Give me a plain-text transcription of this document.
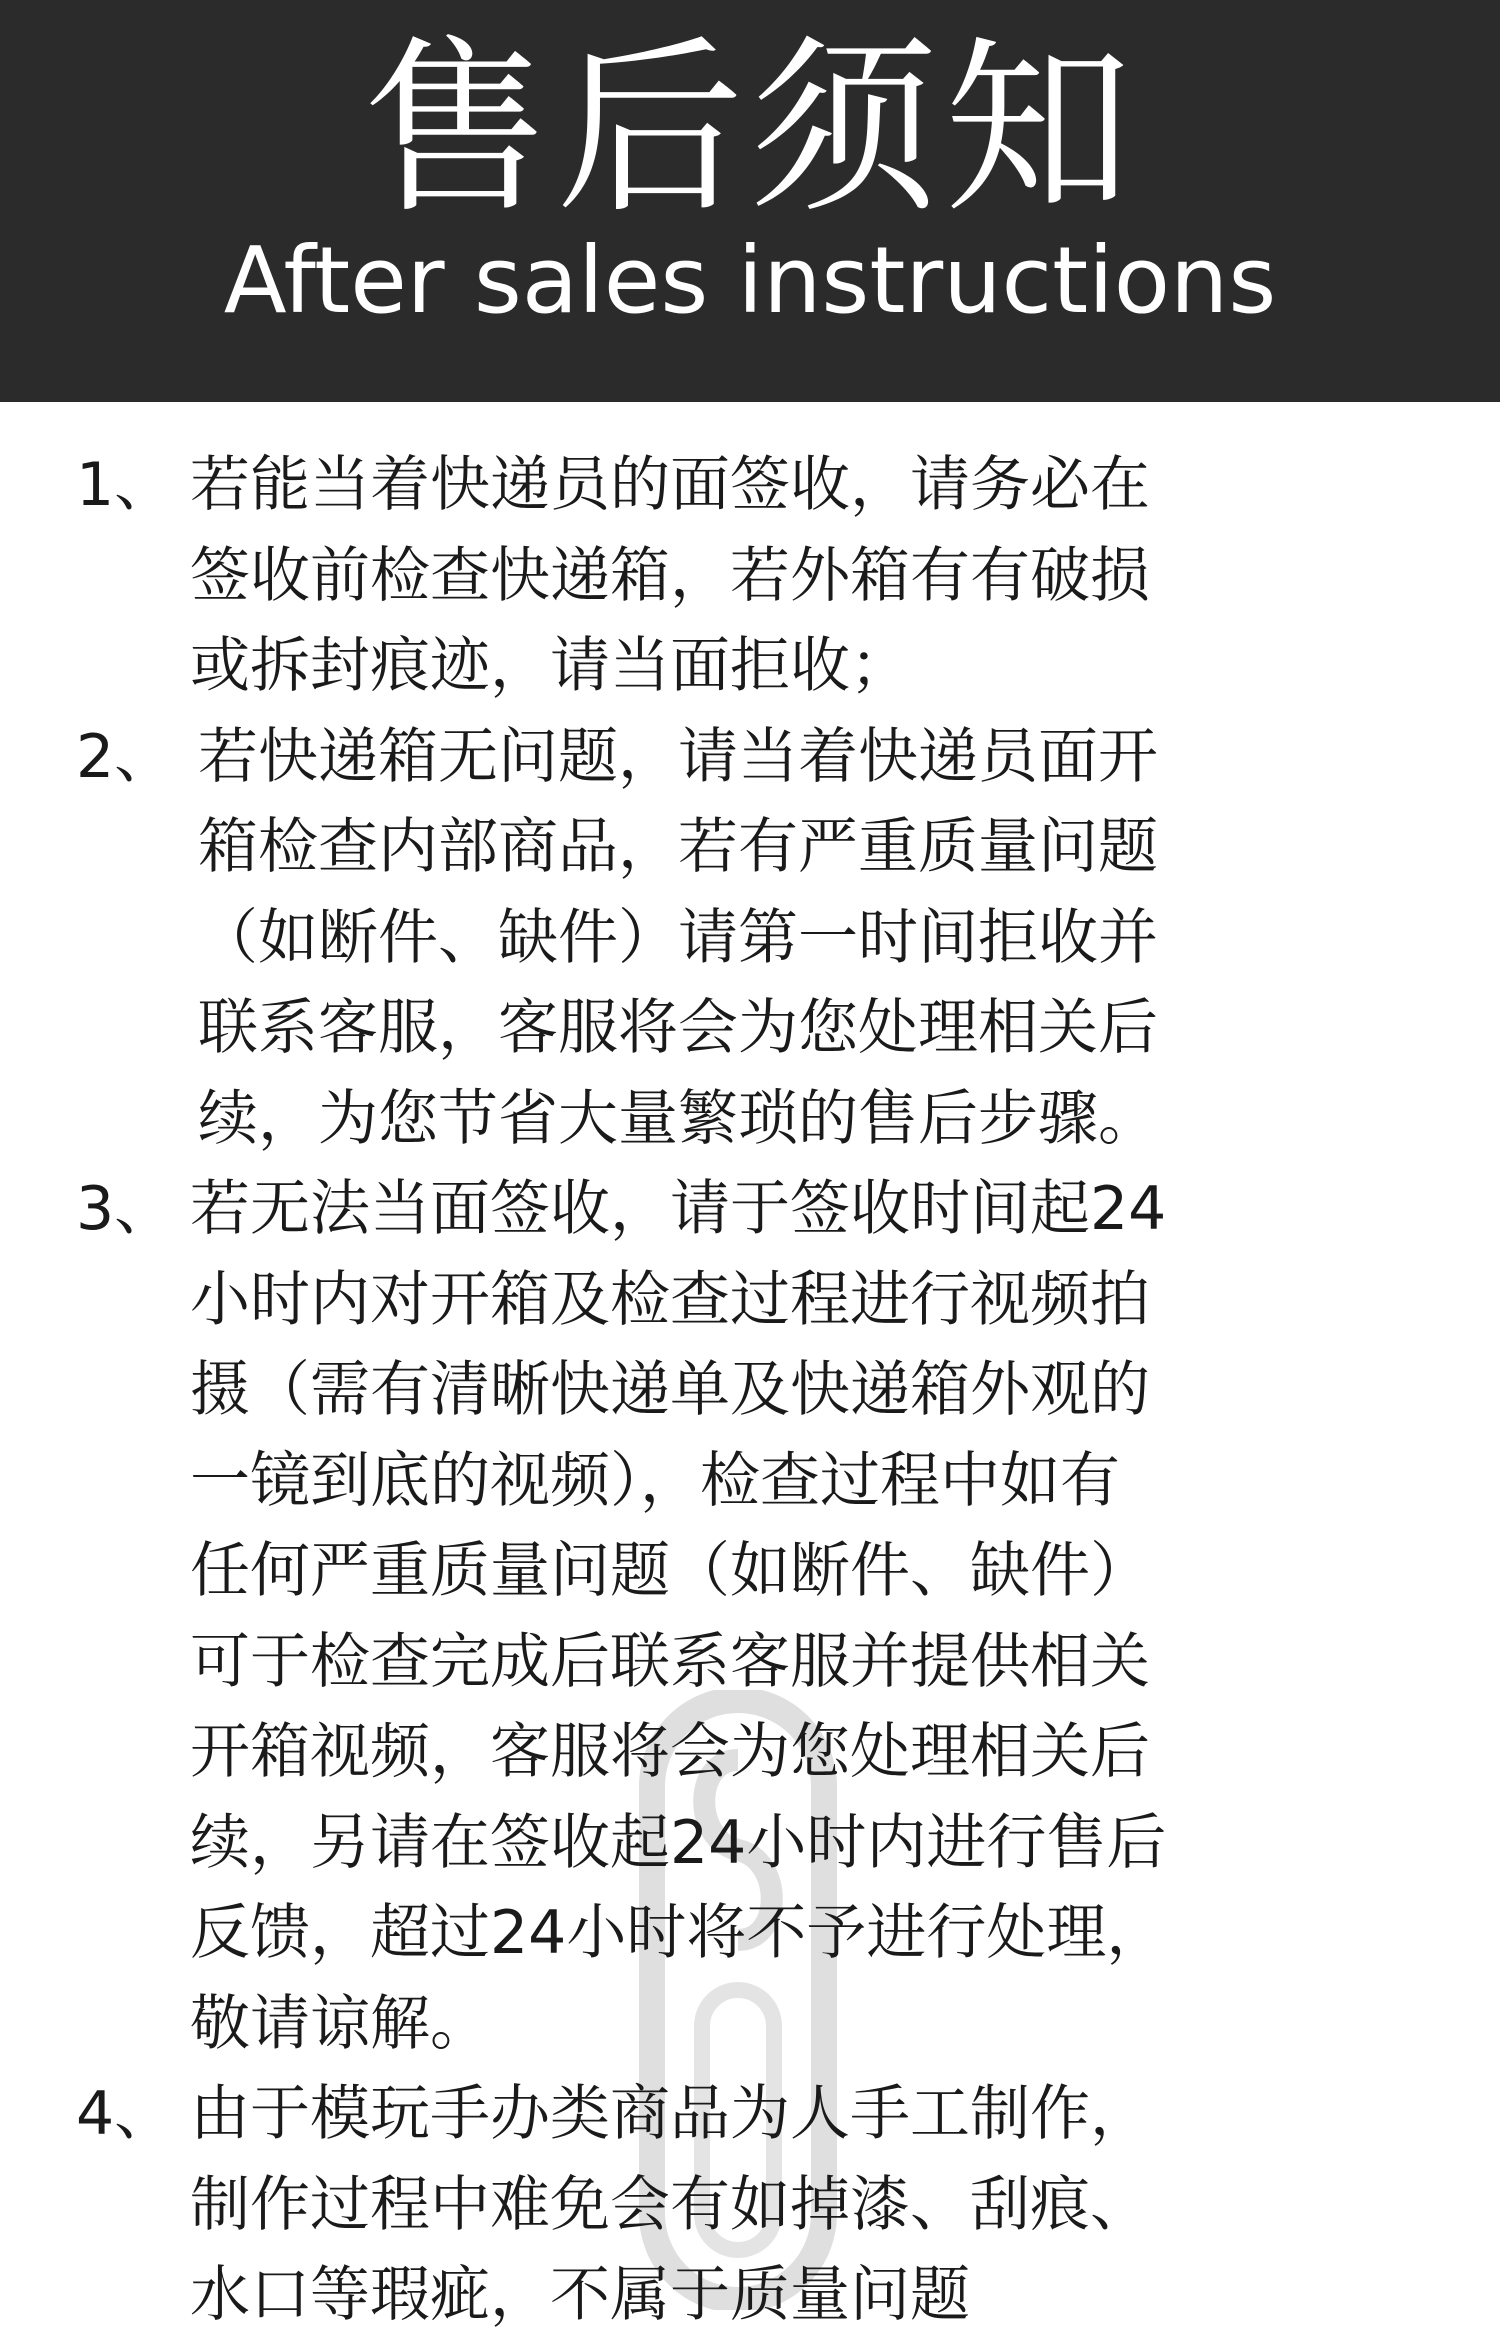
售后须知
After sales instructions
1、 若能当着快递员的面签收，请务必在
签收前检查快递箱，若外箱有有破损
或拆封痕迹，请当面拒收；
2、 若快递箱无问题，请当着快递员面开
箱检查内部商品，若有严重质量问题
（如断件、缺件）请第一时间拒收并
联系客服，客服将会为您处理相关后
续，为您节省大量繁琐的售后步骤。
3、 若无法当面签收，请于签收时间起24
小时内对开箱及检查过程进行视频拍
摄（需有清晰快递单及快递箱外观的
一镜到底的视频），检查过程中如有
任何严重质量问题（如断件、缺件）
可于检查完成后联系客服并提供相关
开箱视频，客服将会为您处理相关后
续，另请在签收起24小时内进行售后
反馈，超过24小时将不予进行处理，
敬请谅解。
4、 由于模玩手办类商品为人手工制作，
制作过程中难免会有如掉漆、刮痕、
水口等瑕疵，不属于质量问题
